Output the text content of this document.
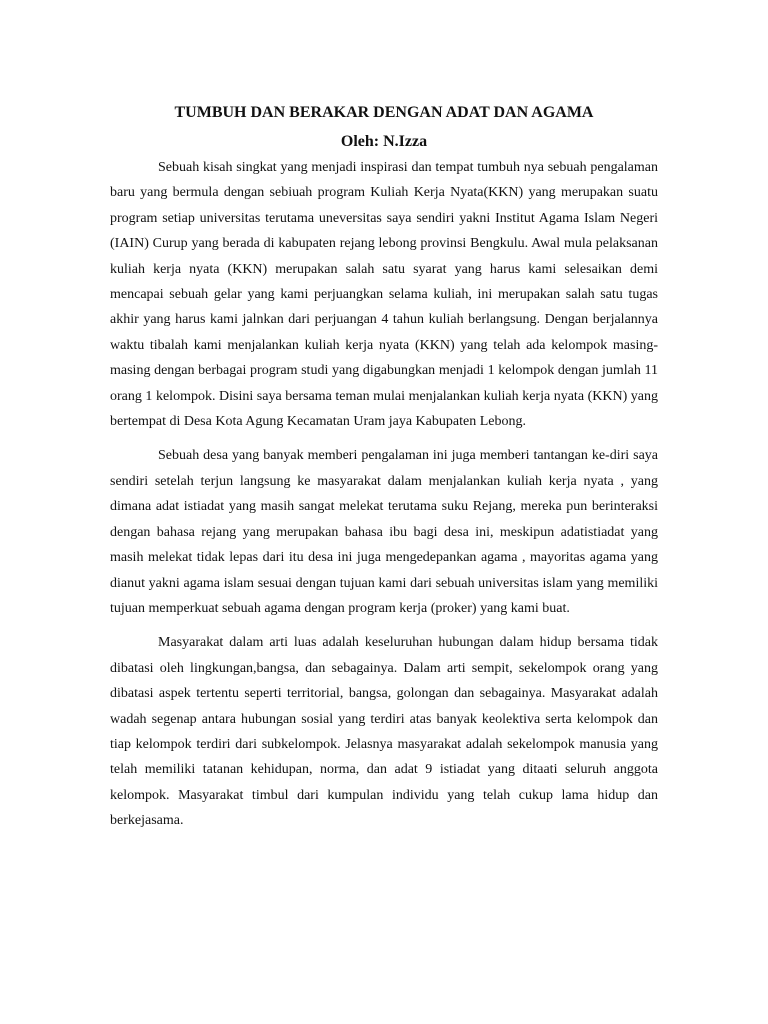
TUMBUH DAN BERAKAR DENGAN ADAT DAN AGAMA
Oleh: N.Izza

Sebuah kisah singkat yang menjadi inspirasi dan tempat tumbuh nya sebuah pengalaman baru yang bermula dengan sebiuah program Kuliah Kerja Nyata(KKN) yang merupakan suatu program setiap universitas terutama uneversitas saya sendiri yakni Institut Agama Islam Negeri (IAIN) Curup yang berada di kabupaten rejang lebong provinsi Bengkulu. Awal mula pelaksanan kuliah kerja nyata (KKN) merupakan salah satu syarat yang harus kami selesaikan demi mencapai sebuah gelar yang kami perjuangkan selama kuliah, ini merupakan salah satu tugas akhir yang harus kami jalnkan dari perjuangan 4 tahun kuliah berlangsung. Dengan berjalannya waktu tibalah kami menjalankan kuliah kerja nyata (KKN) yang telah ada kelompok masing-masing dengan berbagai program studi yang digabungkan menjadi 1 kelompok dengan jumlah 11 orang 1 kelompok. Disini saya bersama teman mulai menjalankan kuliah kerja nyata (KKN) yang bertempat di Desa Kota Agung Kecamatan Uram jaya Kabupaten Lebong.

Sebuah desa yang banyak memberi pengalaman ini juga memberi tantangan ke-diri saya sendiri setelah terjun langsung ke masyarakat dalam menjalankan kuliah kerja nyata , yang dimana adat istiadat yang masih sangat melekat terutama suku Rejang, mereka pun berinteraksi dengan bahasa rejang yang merupakan bahasa ibu bagi desa ini, meskipun adatistiadat yang masih melekat tidak lepas dari itu desa ini juga mengedepankan agama , mayoritas agama yang dianut yakni agama islam sesuai dengan tujuan kami dari sebuah universitas islam yang memiliki tujuan memperkuat sebuah agama dengan program kerja (proker) yang kami buat.

Masyarakat dalam arti luas adalah keseluruhan hubungan dalam hidup bersama tidak dibatasi oleh lingkungan,bangsa, dan sebagainya. Dalam arti sempit, sekelompok orang yang dibatasi aspek tertentu seperti territorial, bangsa, golongan dan sebagainya. Masyarakat adalah wadah segenap antara hubungan sosial yang terdiri atas banyak keolektiva serta kelompok dan tiap kelompok terdiri dari subkelompok. Jelasnya masyarakat adalah sekelompok manusia yang telah memiliki tatanan kehidupan, norma, dan adat 9 istiadat yang ditaati seluruh anggota kelompok. Masyarakat timbul dari kumpulan individu yang telah cukup lama hidup dan berkejasama.
